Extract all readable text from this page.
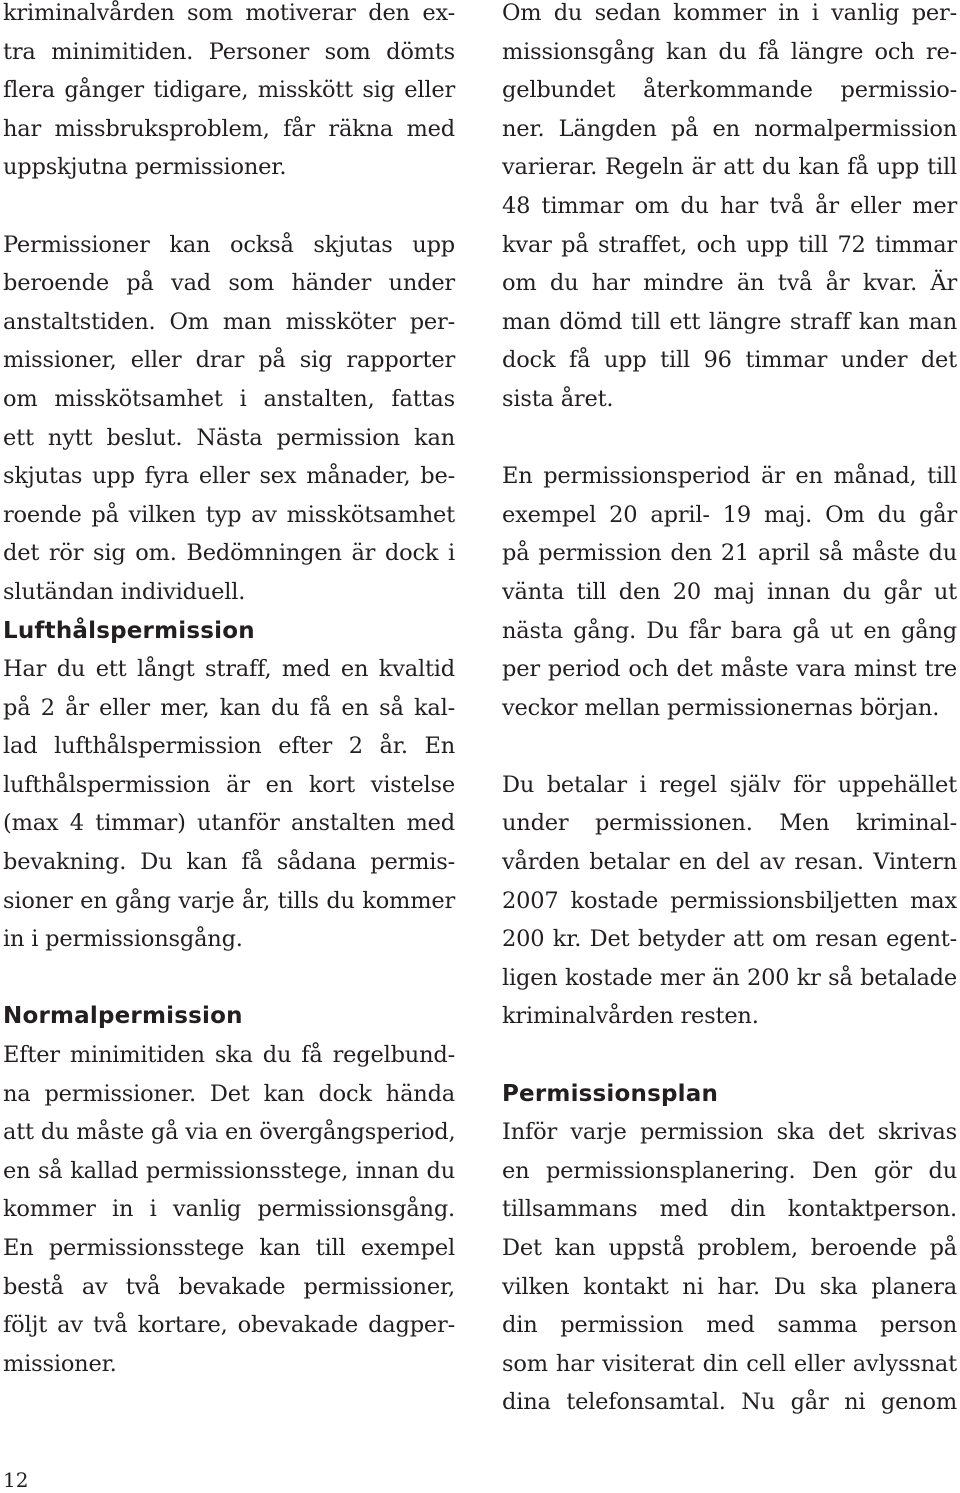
kriminalvården som motiverar den ex-
tra minimitiden. Personer som dömts
flera gånger tidigare, misskött sig eller
har missbruksproblem, får räkna med
uppskjutna permissioner.
Permissioner kan också skjutas upp
beroende på vad som händer under
anstaltstiden. Om man missköter per-
missioner, eller drar på sig rapporter
om misskötsamhet i anstalten, fattas
ett nytt beslut. Nästa permission kan
skjutas upp fyra eller sex månader, be-
roende på vilken typ av misskötsamhet
det rör sig om. Bedömningen är dock i
slutändan individuell.
Lufthålspermission
Har du ett långt straff, med en kvaltid
på 2 år eller mer, kan du få en så kal-
lad lufthålspermission efter 2 år. En
lufthålspermission är en kort vistelse
(max 4 timmar) utanför anstalten med
bevakning. Du kan få sådana permis-
sioner en gång varje år, tills du kommer
in i permissionsgång.
Normalpermission
Efter minimitiden ska du få regelbund-
na permissioner. Det kan dock hända
att du måste gå via en övergångsperiod,
en så kallad permissionsstege, innan du
kommer in i vanlig permissionsgång.
En permissionsstege kan till exempel
bestå av två bevakade permissioner,
följt av två kortare, obevakade dagper-
missioner.
Om du sedan kommer in i vanlig per-
missionsgång kan du få längre och re-
gelbundet återkommande permissio-
ner. Längden på en normalpermission
varierar. Regeln är att du kan få upp till
48 timmar om du har två år eller mer
kvar på straffet, och upp till 72 timmar
om du har mindre än två år kvar. Är
man dömd till ett längre straff kan man
dock få upp till 96 timmar under det
sista året.
En permissionsperiod är en månad, till
exempel 20 april- 19 maj. Om du går
på permission den 21 april så måste du
vänta till den 20 maj innan du går ut
nästa gång. Du får bara gå ut en gång
per period och det måste vara minst tre
veckor mellan permissionernas början.
Du betalar i regel själv för uppehället
under permissionen. Men kriminal-
vården betalar en del av resan. Vintern
2007 kostade permissionsbiljetten max
200 kr. Det betyder att om resan egent-
ligen kostade mer än 200 kr så betalade
kriminalvården resten.
Permissionsplan
Inför varje permission ska det skrivas
en permissionsplanering. Den gör du
tillsammans med din kontaktperson.
Det kan uppstå problem, beroende på
vilken kontakt ni har. Du ska planera
din permission med samma person
som har visiterat din cell eller avlyssnat
dina telefonsamtal. Nu går ni genom
12
